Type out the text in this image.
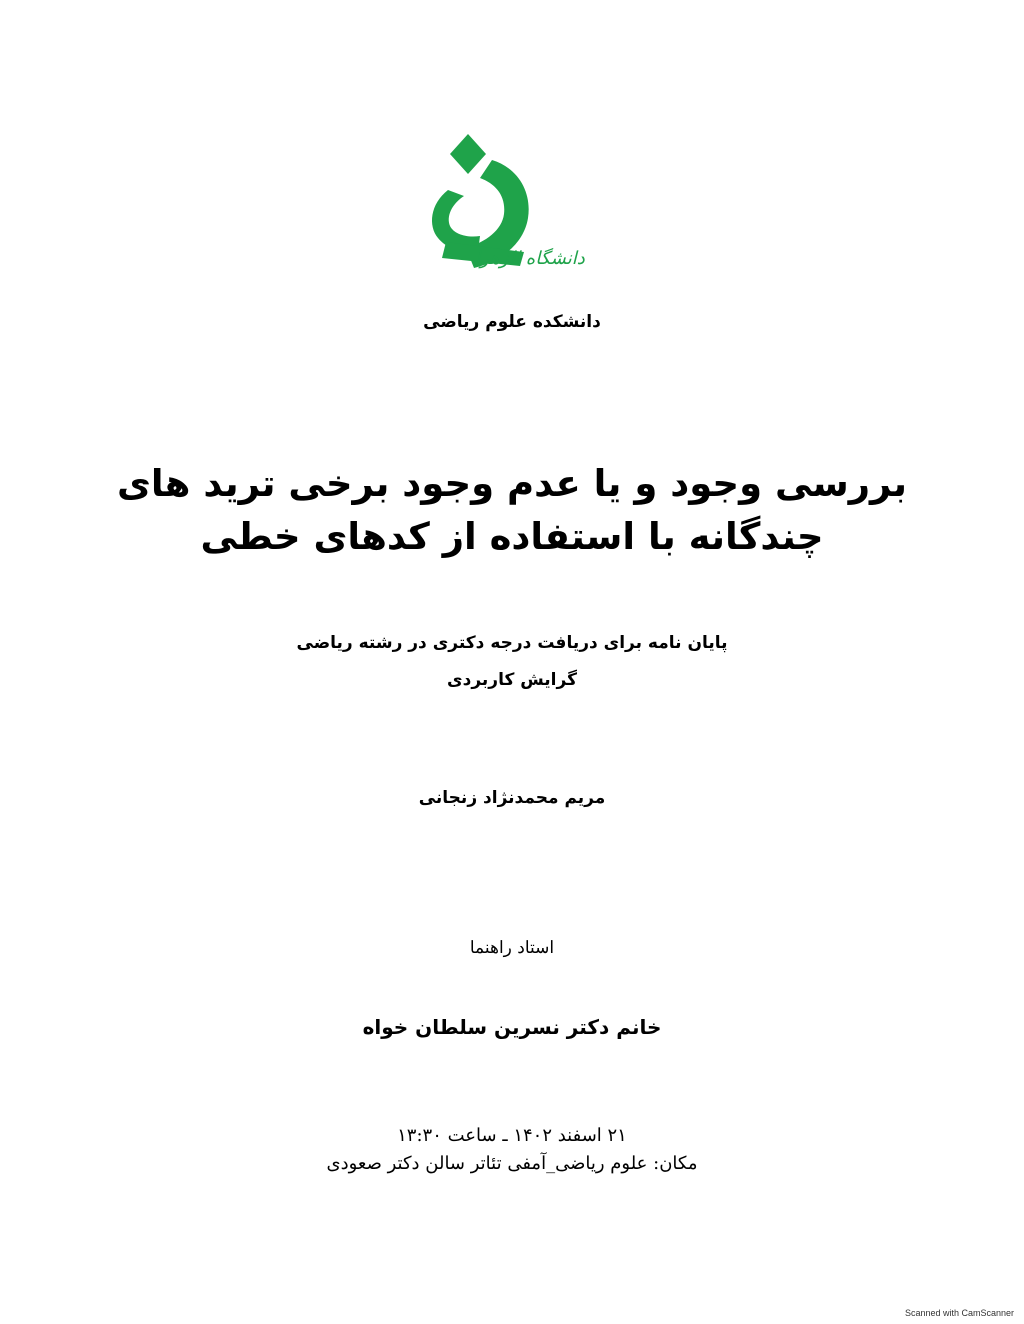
دانشگاه الزهرا
دانشکده علوم ریاضی
بررسی وجود و یا عدم وجود برخی ترید های
چندگانه با استفاده از کدهای خطی
پایان نامه برای دریافت درجه دکتری در رشته ریاضی
گرایش کاربردی
مریم محمدنژاد زنجانی
استاد راهنما
خانم دکتر نسرین سلطان خواه
۲۱ اسفند ۱۴۰۲ ـ ساعت ۱۳:۳۰
مکان: علوم ریاضی_آمفی تئاتر سالن دکتر صعودی
Scanned with CamScanner
